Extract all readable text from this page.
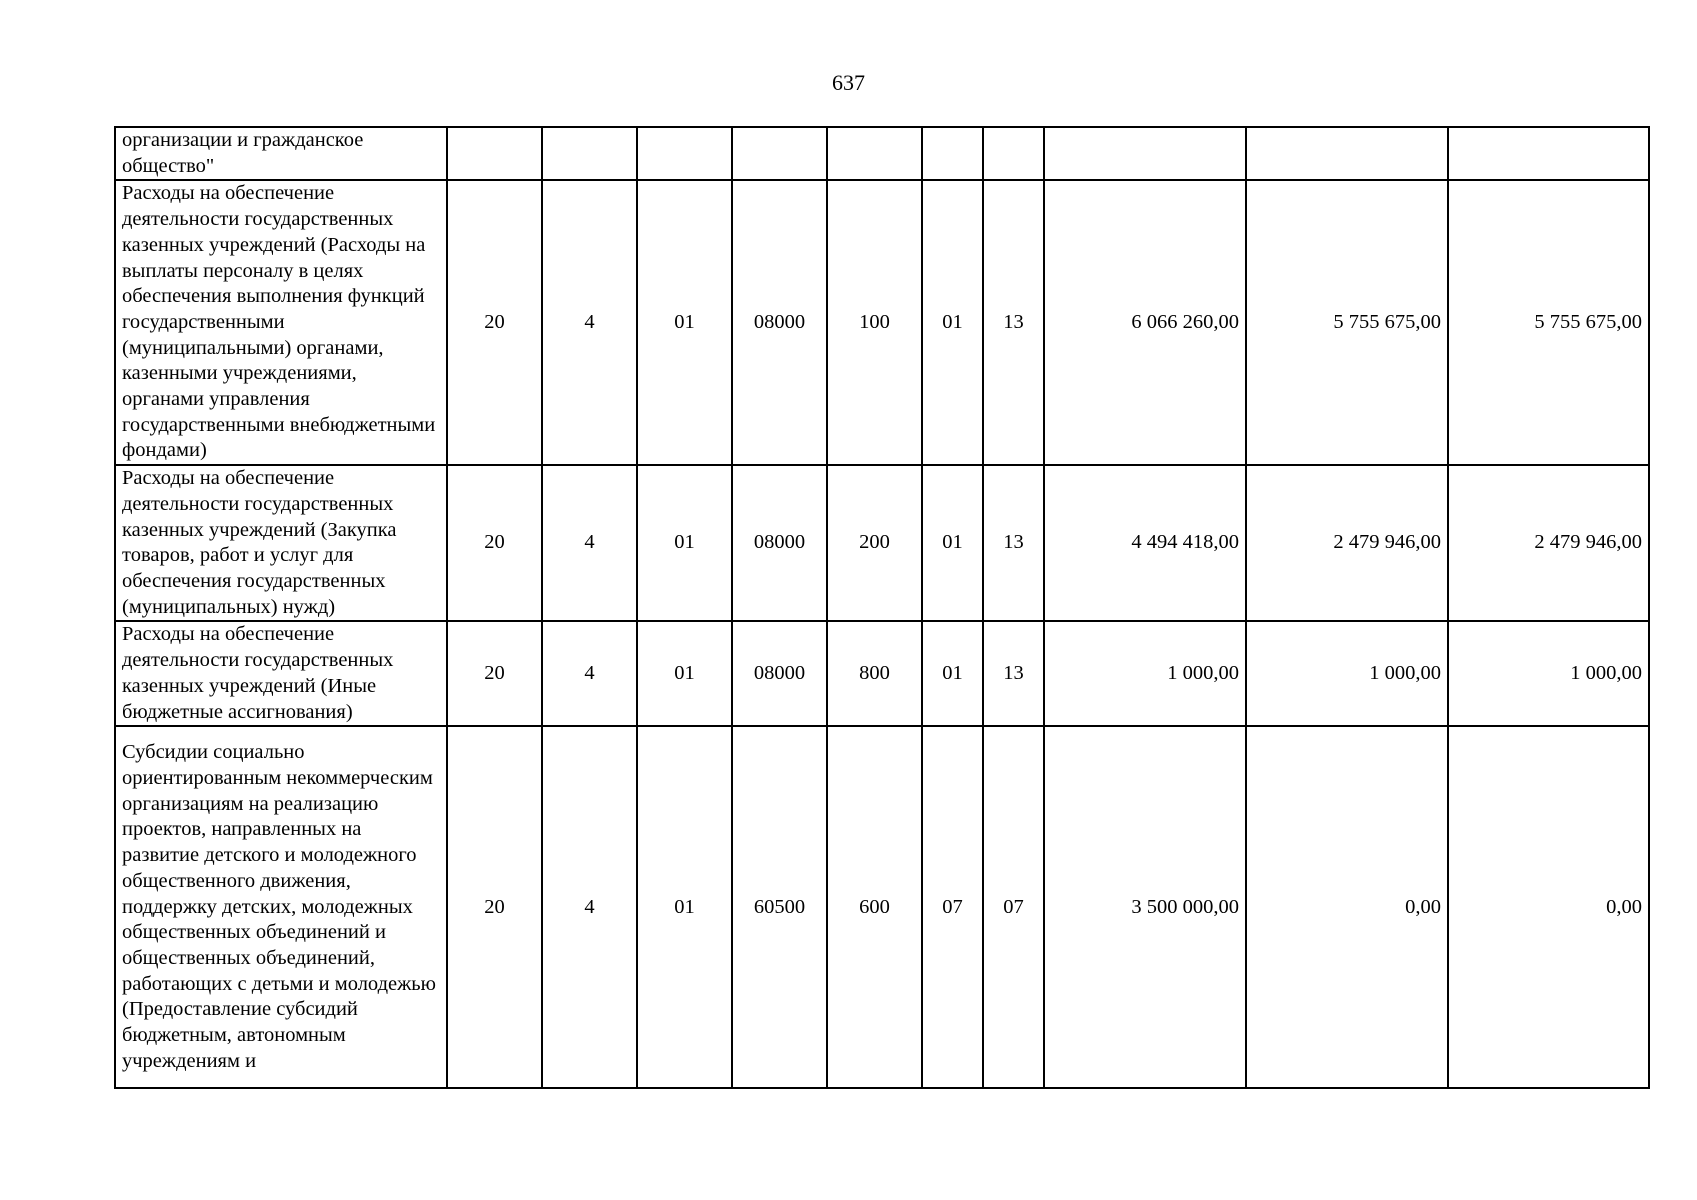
637
организации и гражданское общество"										
Расходы на обеспечение деятельности государственных казенных учреждений (Расходы на выплаты персоналу в целях обеспечения выполнения функций государственными (муниципальными) органами, казенными учреждениями, органами управления государственными внебюджетными фондами)	20	4	01	08000	100	01	13	6 066 260,00	5 755 675,00	5 755 675,00
Расходы на обеспечение деятельности государственных казенных учреждений (Закупка товаров, работ и услуг для обеспечения государственных (муниципальных) нужд)	20	4	01	08000	200	01	13	4 494 418,00	2 479 946,00	2 479 946,00
Расходы на обеспечение деятельности государственных казенных учреждений (Иные бюджетные ассигнования)	20	4	01	08000	800	01	13	1 000,00	1 000,00	1 000,00
Субсидии социально ориентированным некоммерческим организациям на реализацию проектов, направленных на развитие детского и молодежного общественного движения, поддержку детских, молодежных общественных объединений и общественных объединений, работающих с детьми и молодежью (Предоставление субсидий бюджетным, автономным учреждениям и	20	4	01	60500	600	07	07	3 500 000,00	0,00	0,00
